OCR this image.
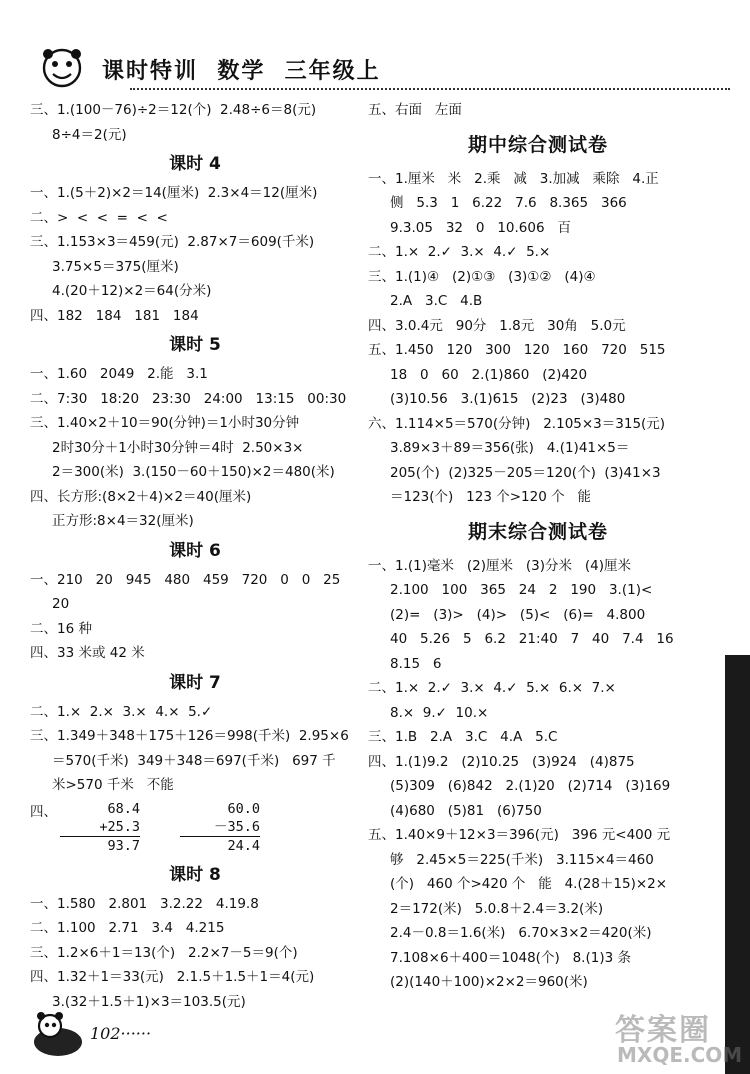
课时特训  数学  三年级上
三、1.(100－76)÷2＝12(个)  2.48÷6＝8(元)
8÷4＝2(元)
课时 4
一、1.(5＋2)×2＝14(厘米)  2.3×4＝12(厘米)
二、>  <  <  =  <  <
三、1.153×3＝459(元)  2.87×7＝609(千米)
3.75×5＝375(厘米)
4.(20＋12)×2＝64(分米)
四、182   184   181   184
课时 5
一、1.60   2049   2.能   3.1
二、7:30   18:20   23:30   24:00   13:15   00:30
三、1.40×2＋10＝90(分钟)＝1小时30分钟
2时30分＋1小时30分钟＝4时  2.50×3×
2＝300(米)  3.(150－60＋150)×2＝480(米)
四、长方形:(8×2＋4)×2＝40(厘米)
正方形:8×4＝32(厘米)
课时 6
一、210   20   945   480   459   720   0   0   25
20
二、16 种
四、33 米或 42 米
课时 7
二、1.×  2.×  3.×  4.×  5.✓
三、1.349＋348＋175＋126＝998(千米)  2.95×6
＝570(千米)  349＋348＝697(千米)   697 千
米>570 千米   不能
四、	68.4
+25.3
93.7
60.0
－35.6
24.4
课时 8
一、1.580   2.801   3.2.22   4.19.8
二、1.100   2.71   3.4   4.215
三、1.2×6＋1＝13(个)   2.2×7－5＝9(个)
四、1.32＋1＝33(元)   2.1.5＋1.5＋1＝4(元)
3.(32＋1.5＋1)×3＝103.5(元)
五、右面   左面
期中综合测试卷
一、1.厘米   米   2.乘   减   3.加减   乘除   4.正
侧   5.3   1   6.22   7.6   8.365   366
9.3.05   32   0   10.606   百
二、1.×  2.✓  3.×  4.✓  5.×
三、1.(1)④   (2)①③   (3)①②   (4)④
2.A   3.C   4.B
四、3.0.4元   90分   1.8元   30角   5.0元
五、1.450   120   300   120   160   720   515
18   0   60   2.(1)860   (2)420
(3)10.56   3.(1)615   (2)23   (3)480
六、1.114×5＝570(分钟)   2.105×3＝315(元)
3.89×3＋89＝356(张)   4.(1)41×5＝
205(个)  (2)325－205＝120(个)  (3)41×3
＝123(个)   123 个>120 个   能
期末综合测试卷
一、1.(1)毫米   (2)厘米   (3)分米   (4)厘米
2.100   100   365   24   2   190   3.(1)<
(2)=   (3)>   (4)>   (5)<   (6)=   4.800
40   5.26   5   6.2   21:40   7   40   7.4   16
8.15   6
二、1.×  2.✓  3.×  4.✓  5.×  6.×  7.×
8.×  9.✓  10.×
三、1.B   2.A   3.C   4.A   5.C
四、1.(1)9.2   (2)10.25   (3)924   (4)875
(5)309   (6)842   2.(1)20   (2)714   (3)169
(4)680   (5)81   (6)750
五、1.40×9＋12×3＝396(元)   396 元<400 元
够   2.45×5＝225(千米)   3.115×4＝460
(个)   460 个>420 个   能   4.(28＋15)×2×
2＝172(米)   5.0.8＋2.4＝3.2(米)
2.4－0.8＝1.6(米)   6.70×3×2＝420(米)
7.108×6＋400＝1048(个)   8.(1)3 条
(2)(140＋100)×2×2＝960(米)
102······	答案圈
MXQE.COM
